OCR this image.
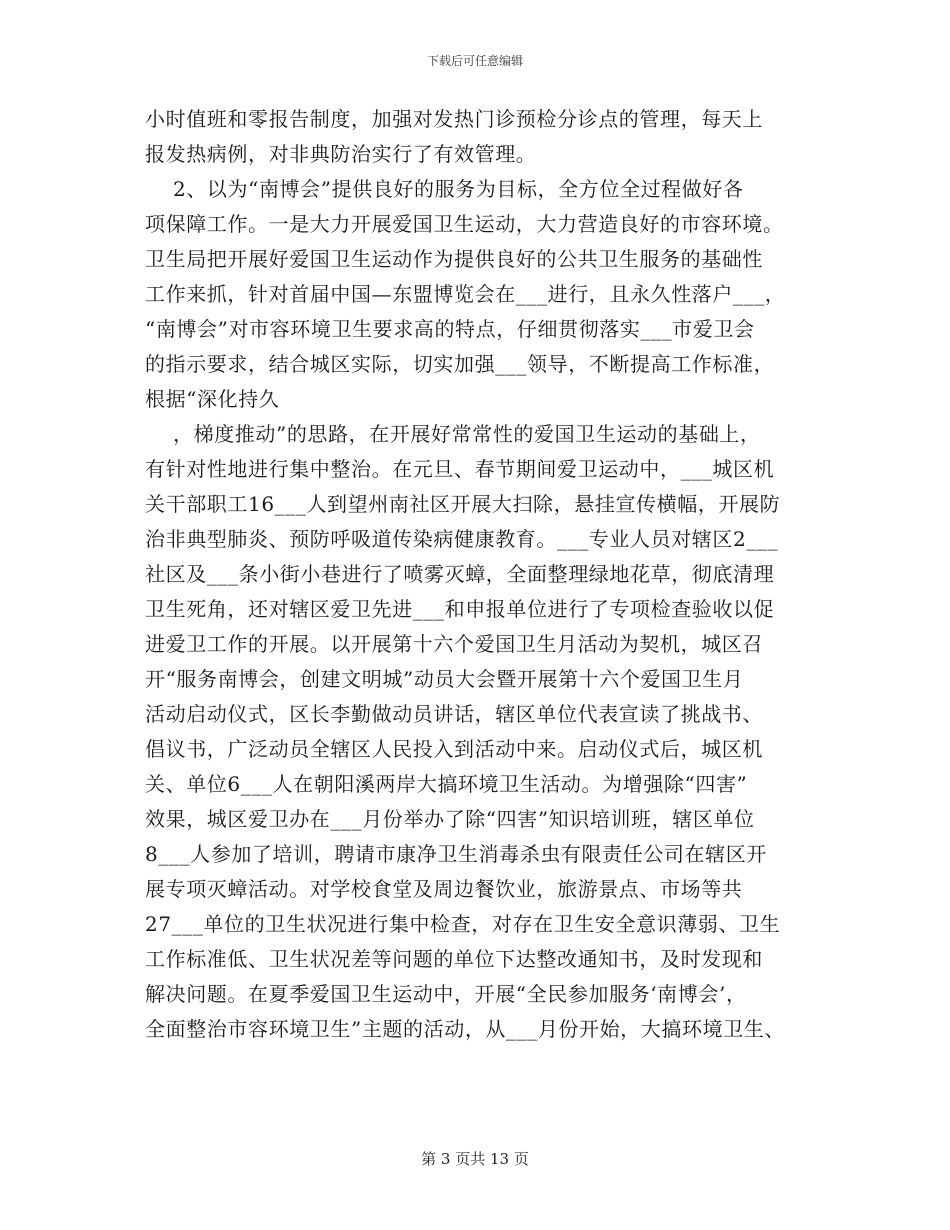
下载后可任意编辑
小时值班和零报告制度，加强对发热门诊预检分诊点的管理，每天上
报发热病例，对非典防治实行了有效管理。
2、以为“南博会”提供良好的服务为目标，全方位全过程做好各
项保障工作。一是大力开展爱国卫生运动，大力营造良好的市容环境。
卫生局把开展好爱国卫生运动作为提供良好的公共卫生服务的基础性
工作来抓，针对首届中国—东盟博览会在___进行，且永久性落户___，
“南博会”对市容环境卫生要求高的特点，仔细贯彻落实___市爱卫会
的指示要求，结合城区实际，切实加强___领导，不断提高工作标准，
根据“深化持久
，梯度推动”的思路，在开展好常常性的爱国卫生运动的基础上，
有针对性地进行集中整治。在元旦、春节期间爱卫运动中，___城区机
关干部职工16___人到望州南社区开展大扫除，悬挂宣传横幅，开展防
治非典型肺炎、预防呼吸道传染病健康教育。___专业人员对辖区2___
社区及___条小街小巷进行了喷雾灭蟑，全面整理绿地花草，彻底清理
卫生死角，还对辖区爱卫先进___和申报单位进行了专项检查验收以促
进爱卫工作的开展。以开展第十六个爱国卫生月活动为契机，城区召
开“服务南博会，创建文明城”动员大会暨开展第十六个爱国卫生月
活动启动仪式，区长李勤做动员讲话，辖区单位代表宣读了挑战书、
倡议书，广泛动员全辖区人民投入到活动中来。启动仪式后，城区机
关、单位6___人在朝阳溪两岸大搞环境卫生活动。为增强除“四害”
效果，城区爱卫办在___月份举办了除“四害”知识培训班，辖区单位
8___人参加了培训，聘请市康净卫生消毒杀虫有限责任公司在辖区开
展专项灭蟑活动。对学校食堂及周边餐饮业，旅游景点、市场等共
27___单位的卫生状况进行集中检查，对存在卫生安全意识薄弱、卫生
工作标准低、卫生状况差等问题的单位下达整改通知书，及时发现和
解决问题。在夏季爱国卫生运动中，开展“全民参加服务‘南博会’，
全面整治市容环境卫生”主题的活动，从___月份开始，大搞环境卫生、
第 3 页共 13 页
